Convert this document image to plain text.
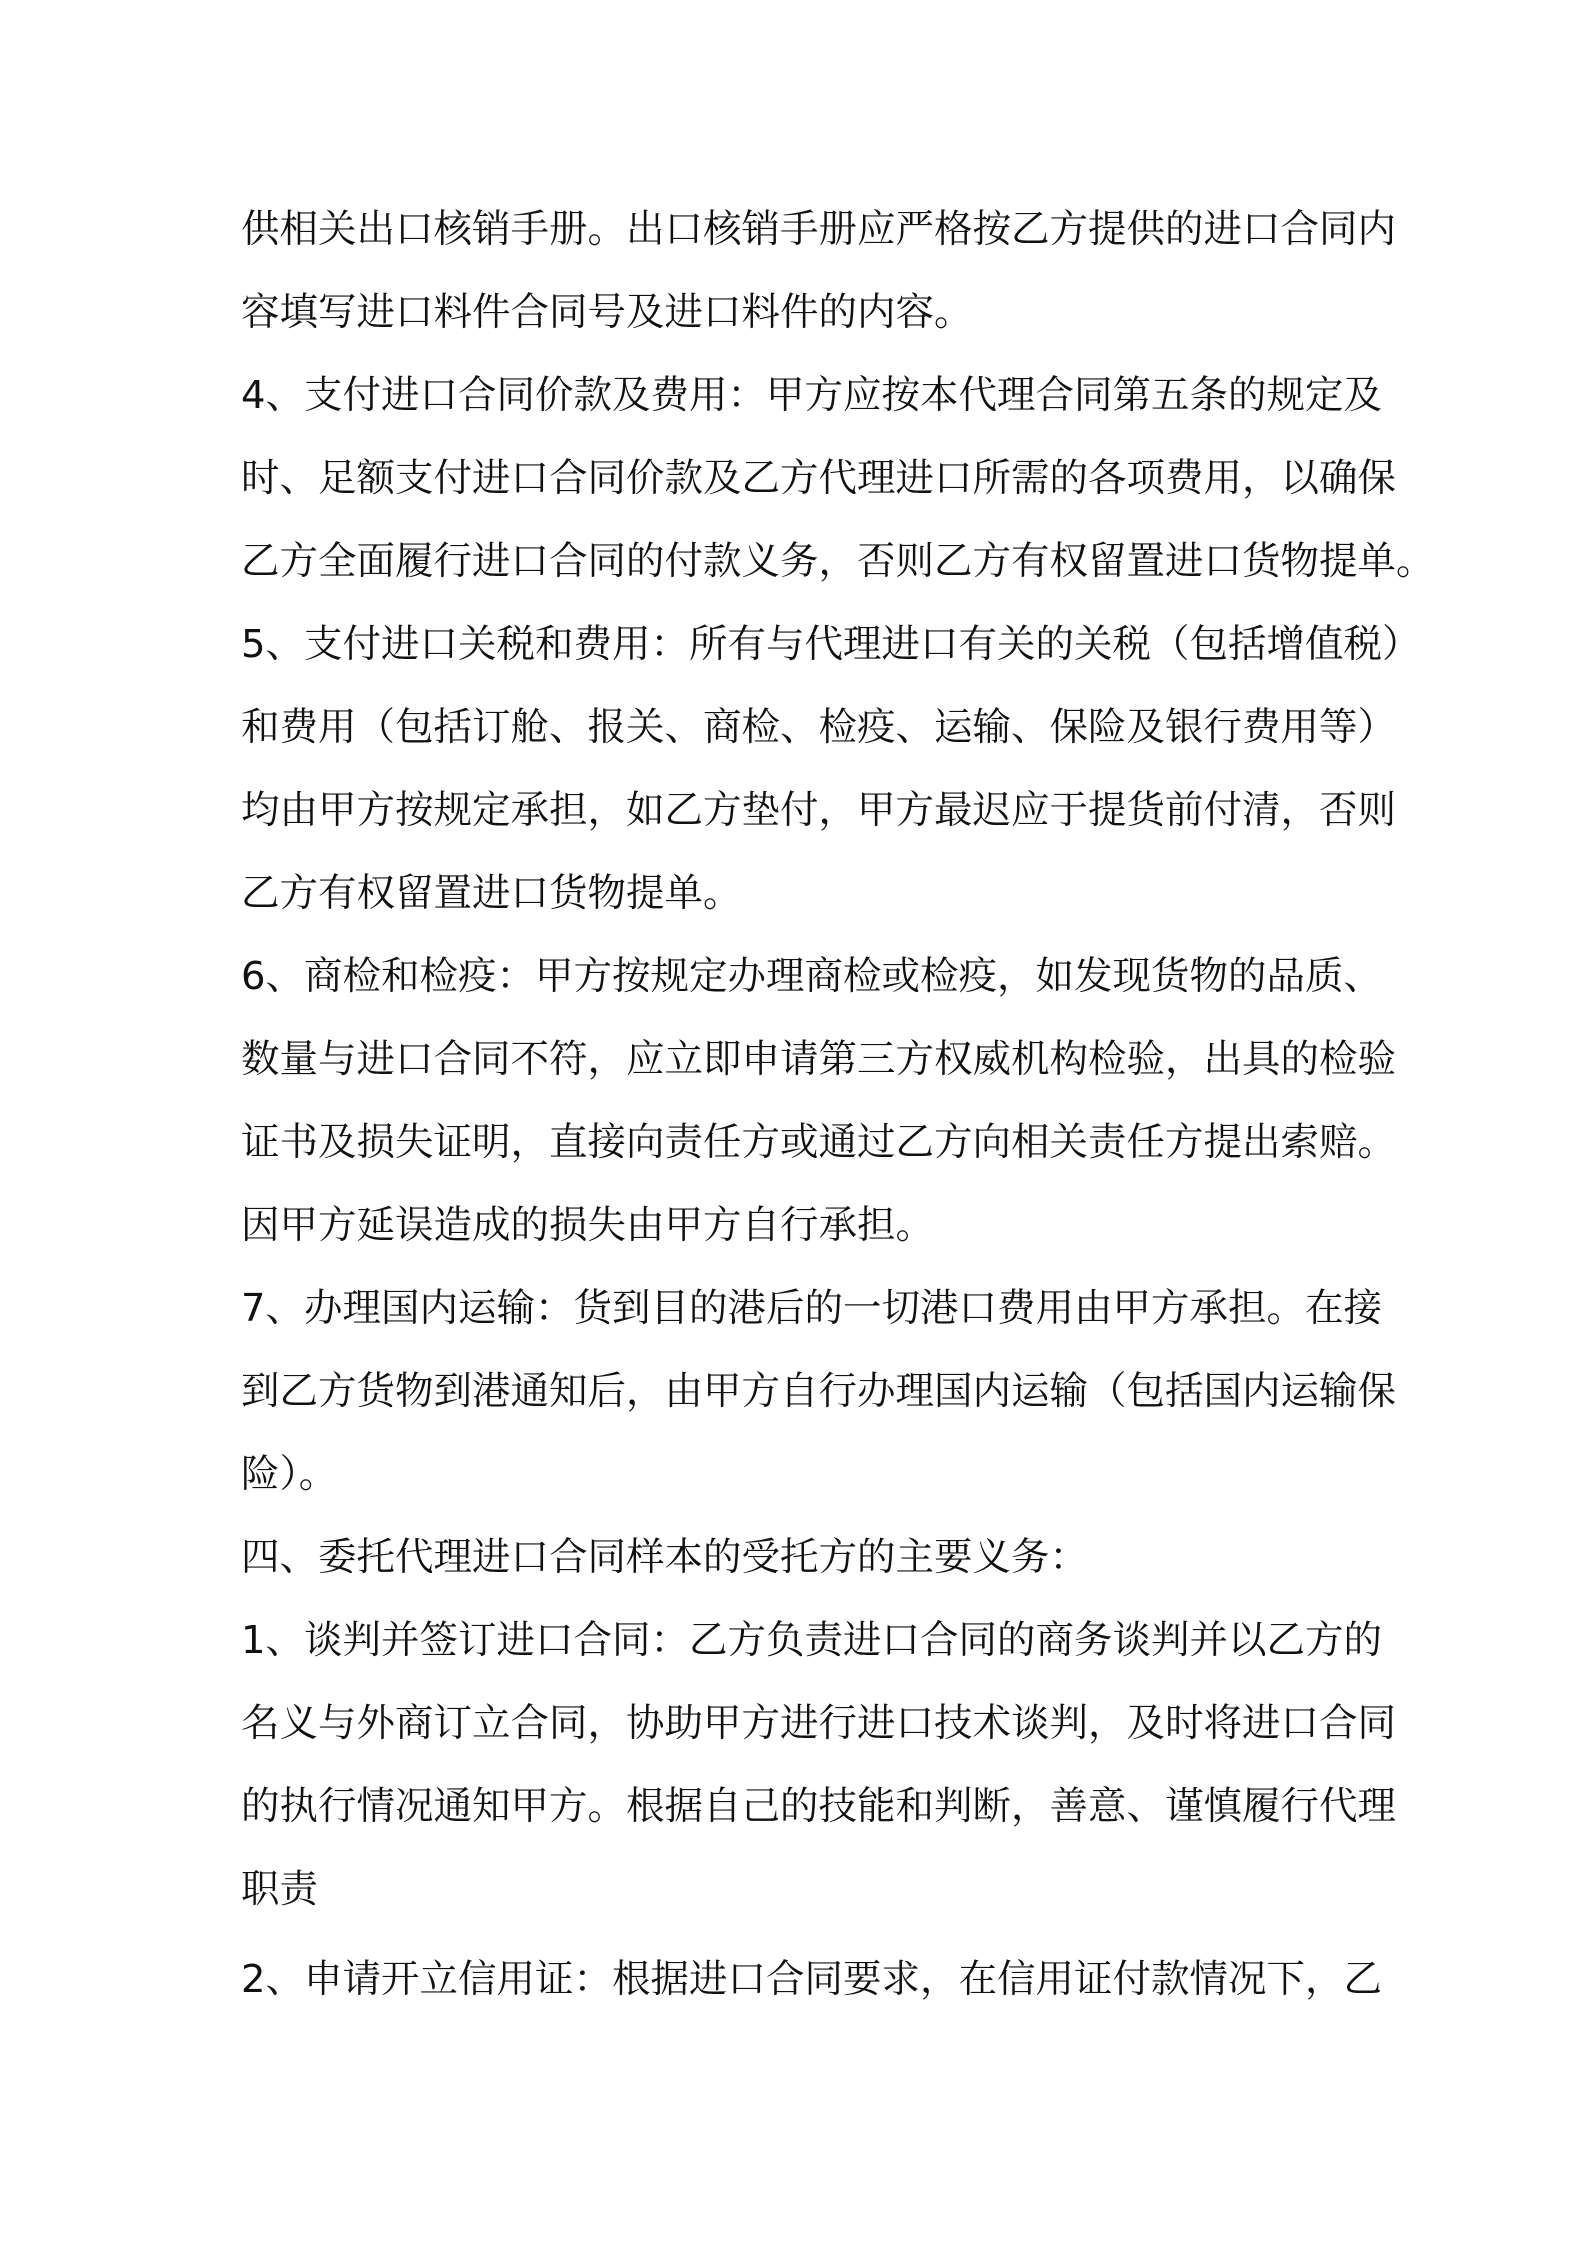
供相关出口核销手册。出口核销手册应严格按乙方提供的进口合同内
容填写进口料件合同号及进口料件的内容。
4、支付进口合同价款及费用：甲方应按本代理合同第五条的规定及
时、足额支付进口合同价款及乙方代理进口所需的各项费用，以确保
乙方全面履行进口合同的付款义务，否则乙方有权留置进口货物提单。
5、支付进口关税和费用：所有与代理进口有关的关税（包括增值税）
和费用（包括订舱、报关、商检、检疫、运输、保险及银行费用等）
均由甲方按规定承担，如乙方垫付，甲方最迟应于提货前付清，否则
乙方有权留置进口货物提单。
6、商检和检疫：甲方按规定办理商检或检疫，如发现货物的品质、
数量与进口合同不符，应立即申请第三方权威机构检验，出具的检验
证书及损失证明，直接向责任方或通过乙方向相关责任方提出索赔。
因甲方延误造成的损失由甲方自行承担。
7、办理国内运输：货到目的港后的一切港口费用由甲方承担。在接
到乙方货物到港通知后，由甲方自行办理国内运输（包括国内运输保
险）。
四、委托代理进口合同样本的受托方的主要义务：
1、谈判并签订进口合同：乙方负责进口合同的商务谈判并以乙方的
名义与外商订立合同，协助甲方进行进口技术谈判，及时将进口合同
的执行情况通知甲方。根据自己的技能和判断，善意、谨慎履行代理
职责
2、申请开立信用证：根据进口合同要求，在信用证付款情况下，乙
